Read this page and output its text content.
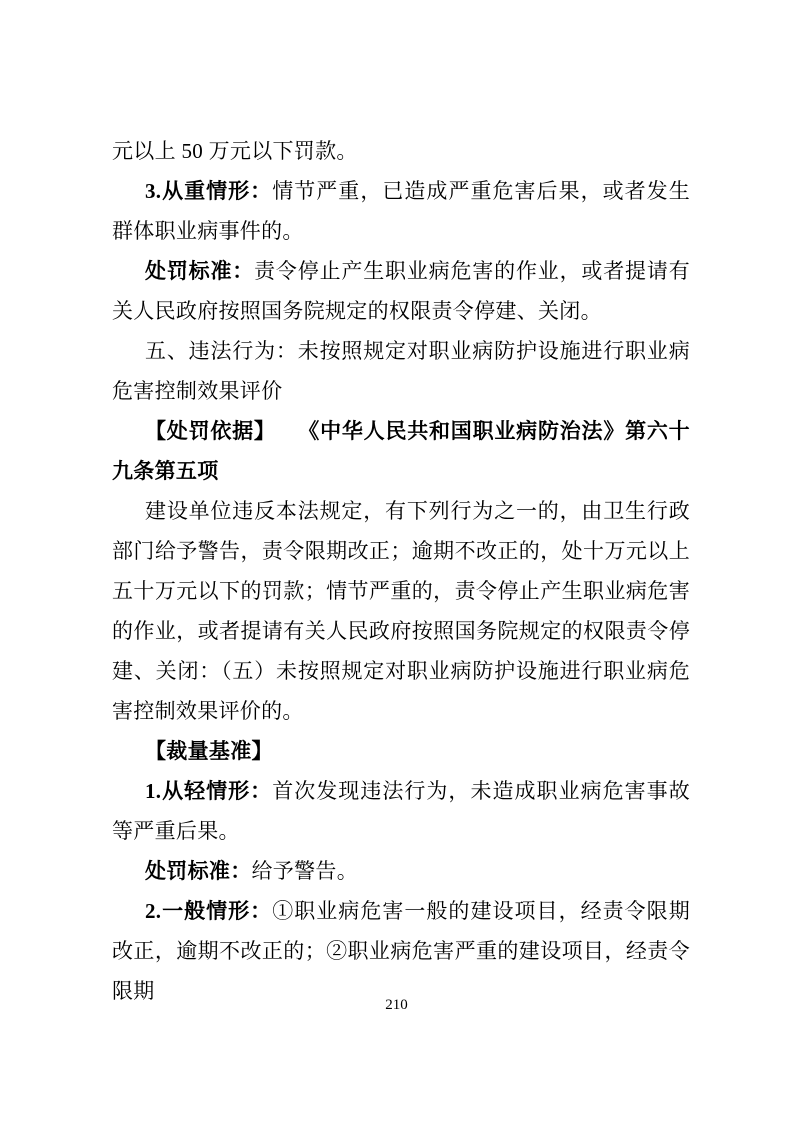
元以上 50 万元以下罚款。

3.从重情形：情节严重，已造成严重危害后果，或者发生群体职业病事件的。

处罚标准：责令停止产生职业病危害的作业，或者提请有关人民政府按照国务院规定的权限责令停建、关闭。

五、违法行为：未按照规定对职业病防护设施进行职业病危害控制效果评价

【处罚依据】　　《中华人民共和国职业病防治法》第六十九条第五项

建设单位违反本法规定，有下列行为之一的，由卫生行政部门给予警告，责令限期改正；逾期不改正的，处十万元以上五十万元以下的罚款；情节严重的，责令停止产生职业病危害的作业，或者提请有关人民政府按照国务院规定的权限责令停建、关闭：（五）未按照规定对职业病防护设施进行职业病危害控制效果评价的。

【裁量基准】

1.从轻情形：首次发现违法行为，未造成职业病危害事故等严重后果。

处罚标准：给予警告。

2.一般情形：①职业病危害一般的建设项目，经责令限期改正，逾期不改正的；②职业病危害严重的建设项目，经责令限期

210
